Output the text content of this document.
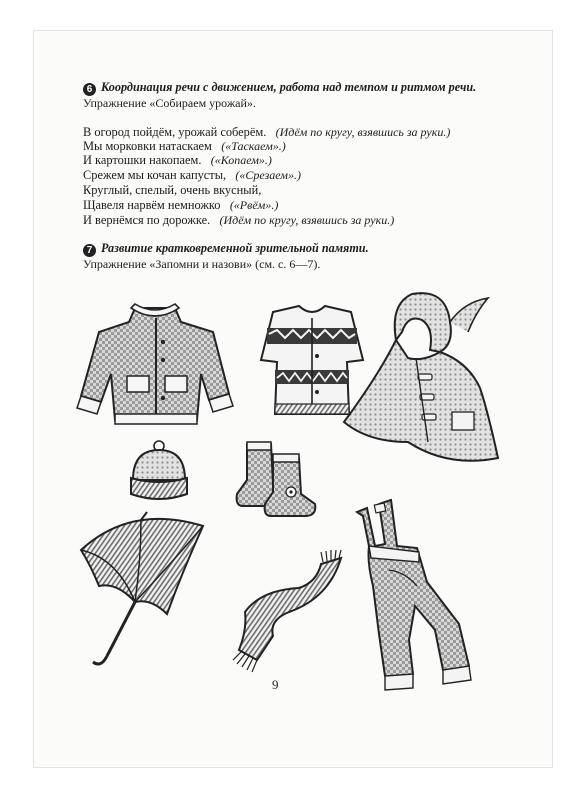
6 Координация речи с движением, работа над темпом и ритмом речи.
Упражнение «Собираем урожай».
В огород пойдём, урожай соберём. (Идём по кругу, взявшись за руки.)
Мы морковки натаскаем («Таскаем».)
И картошки накопаем. («Копаем».)
Срежем мы кочан капусты, («Срезаем».)
Круглый, спелый, очень вкусный,
Щавеля нарвём немножко («Рвём».)
И вернёмся по дорожке. (Идём по кругу, взявшись за руки.)
7 Развитие кратковременной зрительной памяти.
Упражнение «Запомни и назови» (см. с. 6—7).
9
